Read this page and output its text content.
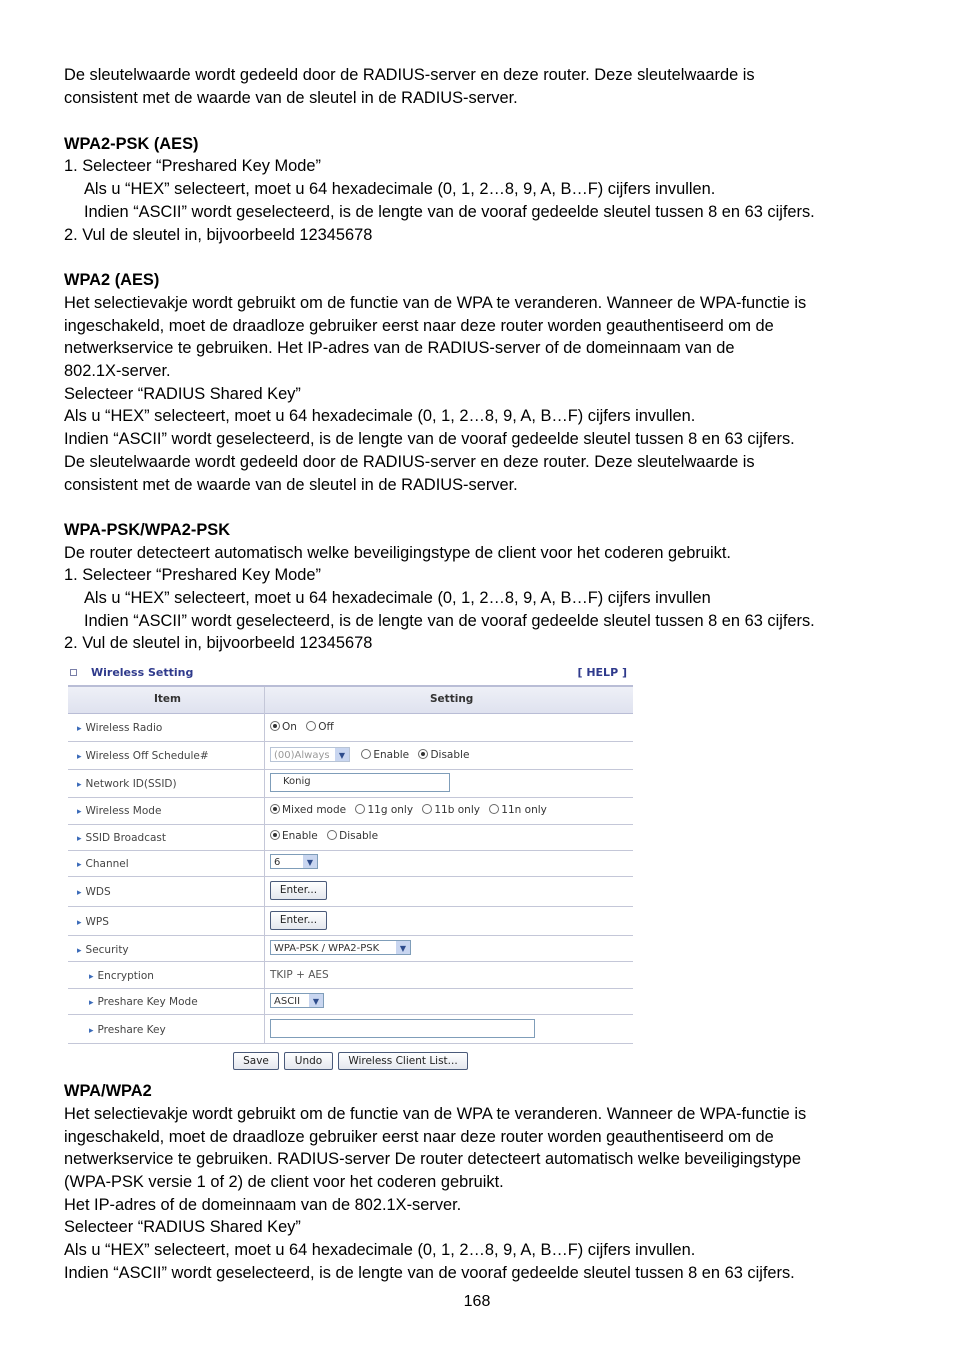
De sleutelwaarde wordt gedeeld door de RADIUS-server en deze router. Deze sleutelwaarde is
consistent met de waarde van de sleutel in de RADIUS-server.
WPA2-PSK (AES)
1. Selecteer “Preshared Key Mode”
Als u “HEX” selecteert, moet u 64 hexadecimale (0, 1, 2…8, 9, A, B…F) cijfers invullen.
Indien “ASCII” wordt geselecteerd, is de lengte van de vooraf gedeelde sleutel tussen 8 en 63 cijfers.
2. Vul de sleutel in, bijvoorbeeld 12345678
WPA2 (AES)
Het selectievakje wordt gebruikt om de functie van de WPA te veranderen. Wanneer de WPA-functie is
ingeschakeld, moet de draadloze gebruiker eerst naar deze router worden geauthentiseerd om de
netwerkservice te gebruiken. Het IP-adres van de RADIUS-server of de domeinnaam van de
802.1X-server.
Selecteer “RADIUS Shared Key”
Als u “HEX” selecteert, moet u 64 hexadecimale (0, 1, 2…8, 9, A, B…F) cijfers invullen.
Indien “ASCII” wordt geselecteerd, is de lengte van de vooraf gedeelde sleutel tussen 8 en 63 cijfers.
De sleutelwaarde wordt gedeeld door de RADIUS-server en deze router. Deze sleutelwaarde is
consistent met de waarde van de sleutel in de RADIUS-server.
WPA-PSK/WPA2-PSK
De router detecteert automatisch welke beveiligingstype de client voor het coderen gebruikt.
1. Selecteer “Preshared Key Mode”
Als u “HEX” selecteert, moet u 64 hexadecimale (0, 1, 2…8, 9, A, B…F) cijfers invullen
Indien “ASCII” wordt geselecteerd, is de lengte van de vooraf gedeelde sleutel tussen 8 en 63 cijfers.
2. Vul de sleutel in, bijvoorbeeld 12345678
Wireless Setting	[ HELP ]
Item	Setting
▸ Wireless Radio	On Off
▸ Wireless Off Schedule#	(00)Always	▼	Enable Disable
▸ Network ID(SSID)	Konig
▸ Wireless Mode	Mixed mode 11g only 11b only 11n only
▸ SSID Broadcast	Enable Disable
▸ Channel	6	▼
▸ WDS	Enter...
▸ WPS	Enter...
▸ Security	WPA-PSK / WPA2-PSK	▼
▸ Encryption	TKIP + AES
▸ Preshare Key Mode	ASCII	▼
▸ Preshare Key
Save	Undo	Wireless Client List...
WPA/WPA2
Het selectievakje wordt gebruikt om de functie van de WPA te veranderen. Wanneer de WPA-functie is
ingeschakeld, moet de draadloze gebruiker eerst naar deze router worden geauthentiseerd om de
netwerkservice te gebruiken. RADIUS-server De router detecteert automatisch welke beveiligingstype
(WPA-PSK versie 1 of 2) de client voor het coderen gebruikt.
Het IP-adres of de domeinnaam van de 802.1X-server.
Selecteer “RADIUS Shared Key”
Als u “HEX” selecteert, moet u 64 hexadecimale (0, 1, 2…8, 9, A, B…F) cijfers invullen.
Indien “ASCII” wordt geselecteerd, is de lengte van de vooraf gedeelde sleutel tussen 8 en 63 cijfers.
168
